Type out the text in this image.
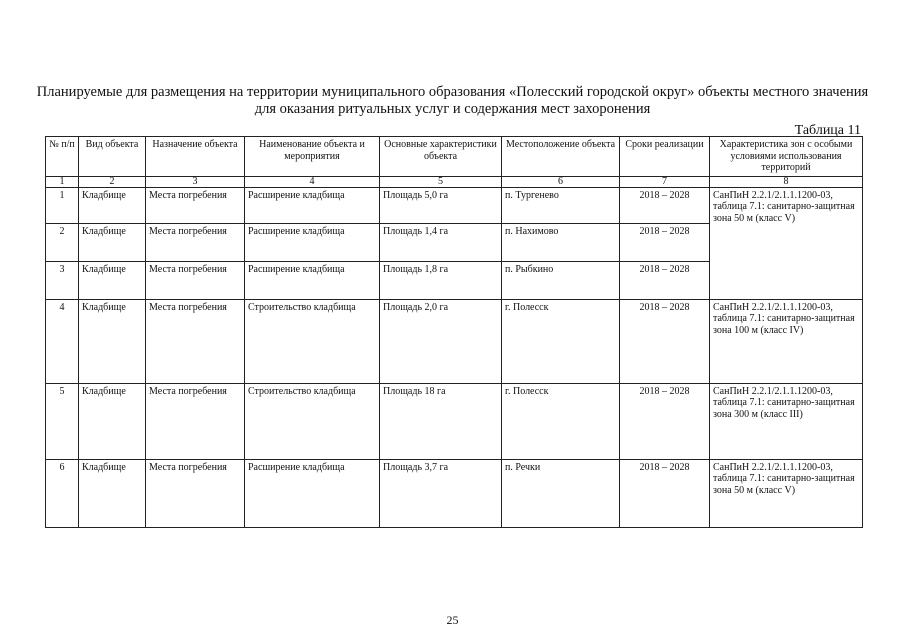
Планируемые для размещения на территории муниципального образования «Полесский городской округ» объекты местного значения для оказания ритуальных услуг и содержания мест захоронения
Таблица 11
№ п/п	Вид объекта	Назначение объекта	Наименование объекта и мероприятия	Основные характеристики объекта	Местоположение объекта	Сроки реализации	Характеристика зон с особыми условиями использования территорий
1	2	3	4	5	6	7	8
1	Кладбище	Места погребения	Расширение кладбища	Площадь 5,0 га	п. Тургенево	2018 – 2028	СанПиН 2.2.1/2.1.1.1200-03, таблица 7.1: санитарно-защитная зона 50 м (класс V)
2	Кладбище	Места погребения	Расширение кладбища	Площадь 1,4 га	п. Нахимово	2018 – 2028	
3	Кладбище	Места погребения	Расширение кладбища	Площадь 1,8 га	п. Рыбкино	2018 – 2028	
4	Кладбище	Места погребения	Строительство кладбища	Площадь 2,0 га	г. Полесск	2018 – 2028	СанПиН 2.2.1/2.1.1.1200-03, таблица 7.1: санитарно-защитная зона 100 м (класс IV)
5	Кладбище	Места погребения	Строительство кладбища	Площадь 18 га	г. Полесск	2018 – 2028	СанПиН 2.2.1/2.1.1.1200-03, таблица 7.1: санитарно-защитная зона 300 м (класс III)
6	Кладбище	Места погребения	Расширение кладбища	Площадь 3,7 га	п. Речки	2018 – 2028	СанПиН 2.2.1/2.1.1.1200-03, таблица 7.1: санитарно-защитная зона 50 м (класс V)
25
